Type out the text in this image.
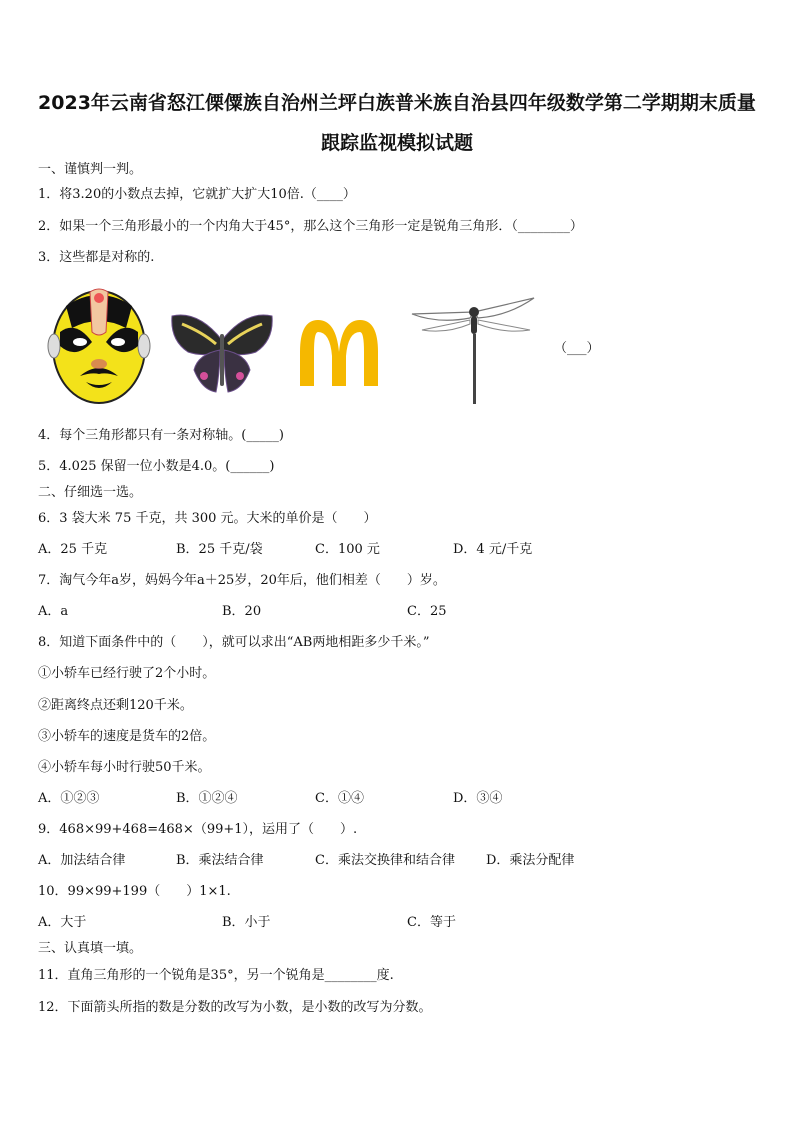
2023年云南省怒江傈僳族自治州兰坪白族普米族自治县四年级数学第二学期期末质量
跟踪监视模拟试题
一、谨慎判一判。
1．将3.20的小数点去掉，它就扩大扩大10倍.（____）
2．如果一个三角形最小的一个内角大于45°，那么这个三角形一定是锐角三角形．（________）
3．这些都是对称的.
（___）
4．每个三角形都只有一条对称轴。(_____)
5．4.025 保留一位小数是4.0。(______)
二、仔细选一选。
6．3 袋大米 75 千克，共 300 元。大米的单价是（　　）
A．25 千克	B．25 千克/袋	C．100 元	D．4 元/千克
7．淘气今年a岁，妈妈今年a＋25岁，20年后，他们相差（　　）岁。
A．a	B．20	C．25
8．知道下面条件中的（　　），就可以求出“AB两地相距多少千米。”
①小轿车已经行驶了2个小时。
②距离终点还剩120千米。
③小轿车的速度是货车的2倍。
④小轿车每小时行驶50千米。
A．①②③	B．①②④	C．①④	D．③④
9．468×99+468=468×（99+1），运用了（　　）.
A．加法结合律	B．乘法结合律	C．乘法交换律和结合律 D．乘法分配律
10．99×99+199（　　）1×1.
A．大于	B．小于	C．等于
三、认真填一填。
11．直角三角形的一个锐角是35°，另一个锐角是________度.
12．下面箭头所指的数是分数的改写为小数，是小数的改写为分数。
